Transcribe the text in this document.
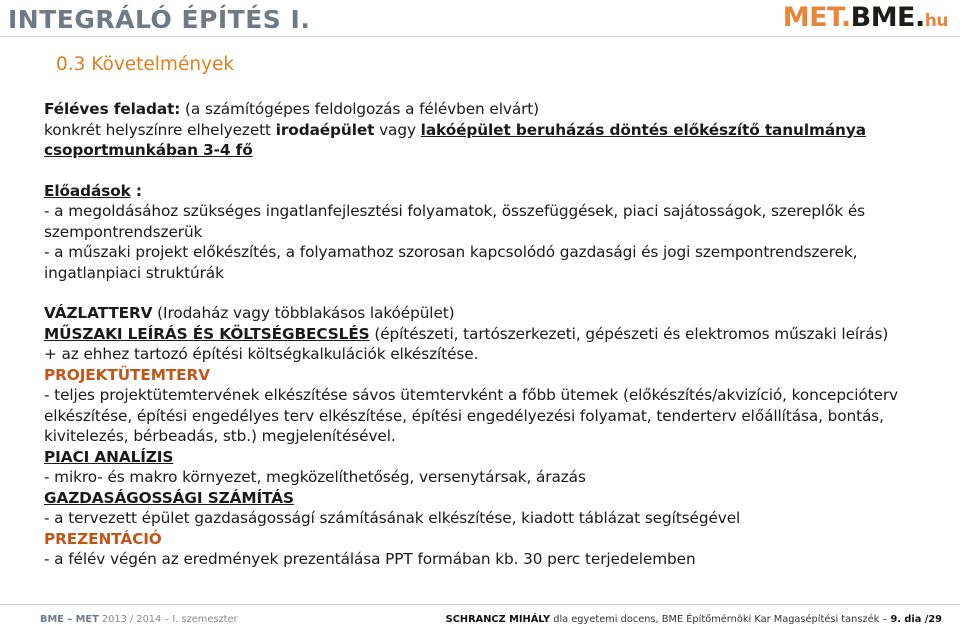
INTEGRÁLÓ ÉPÍTÉS I.	MET.BME.hu
0.3 Követelmények

Féléves feladat: (a számítógépes feldolgozás a félévben elvárt)

konkrét helyszínre elhelyezett irodaépület vagy lakóépület beruházás döntés előkészítő tanulmánya

csoportmunkában 3-4 fő

Előadások :

- a megoldásához szükséges ingatlanfejlesztési folyamatok, összefüggések, piaci sajátosságok, szereplők és szempontrendszerük

- a műszaki projekt előkészítés, a folyamathoz szorosan kapcsolódó gazdasági és jogi szempontrendszerek, ingatlanpiaci struktúrák

VÁZLATTERV (Irodaház vagy többlakásos lakóépület)

MŰSZAKI LEÍRÁS ÉS KÖLTSÉGBECSLÉS (építészeti, tartószerkezeti, gépészeti és elektromos műszaki leírás)

+ az ehhez tartozó építési költségkalkulációk elkészítése.

PROJEKTÜTEMTERV

- teljes projektütemtervének elkészítése sávos ütemtervként a főbb ütemek (előkészítés/akvizíció, koncepcióterv elkészítése, építési engedélyes terv elkészítése, építési engedélyezési folyamat, tenderterv előállítása, bontás, kivitelezés, bérbeadás, stb.) megjelenítésével.

PIACI ANALÍZIS

- mikro- és makro környezet, megközelíthetőség, versenytársak, árazás

GAZDASÁGOSSÁGI SZÁMÍTÁS

- a tervezett épület gazdaságosságí számításának elkészítése, kiadott táblázat segítségével

PREZENTÁCIÓ

- a félév végén az eredmények prezentálása PPT formában kb. 30 perc terjedelemben

BME – MET 2013 / 2014 – I. szemeszter	SCHRANCZ MIHÁLY dla egyetemi docens, BME Építőmérnöki Kar Magasépítési tanszék – 9. dia /29
